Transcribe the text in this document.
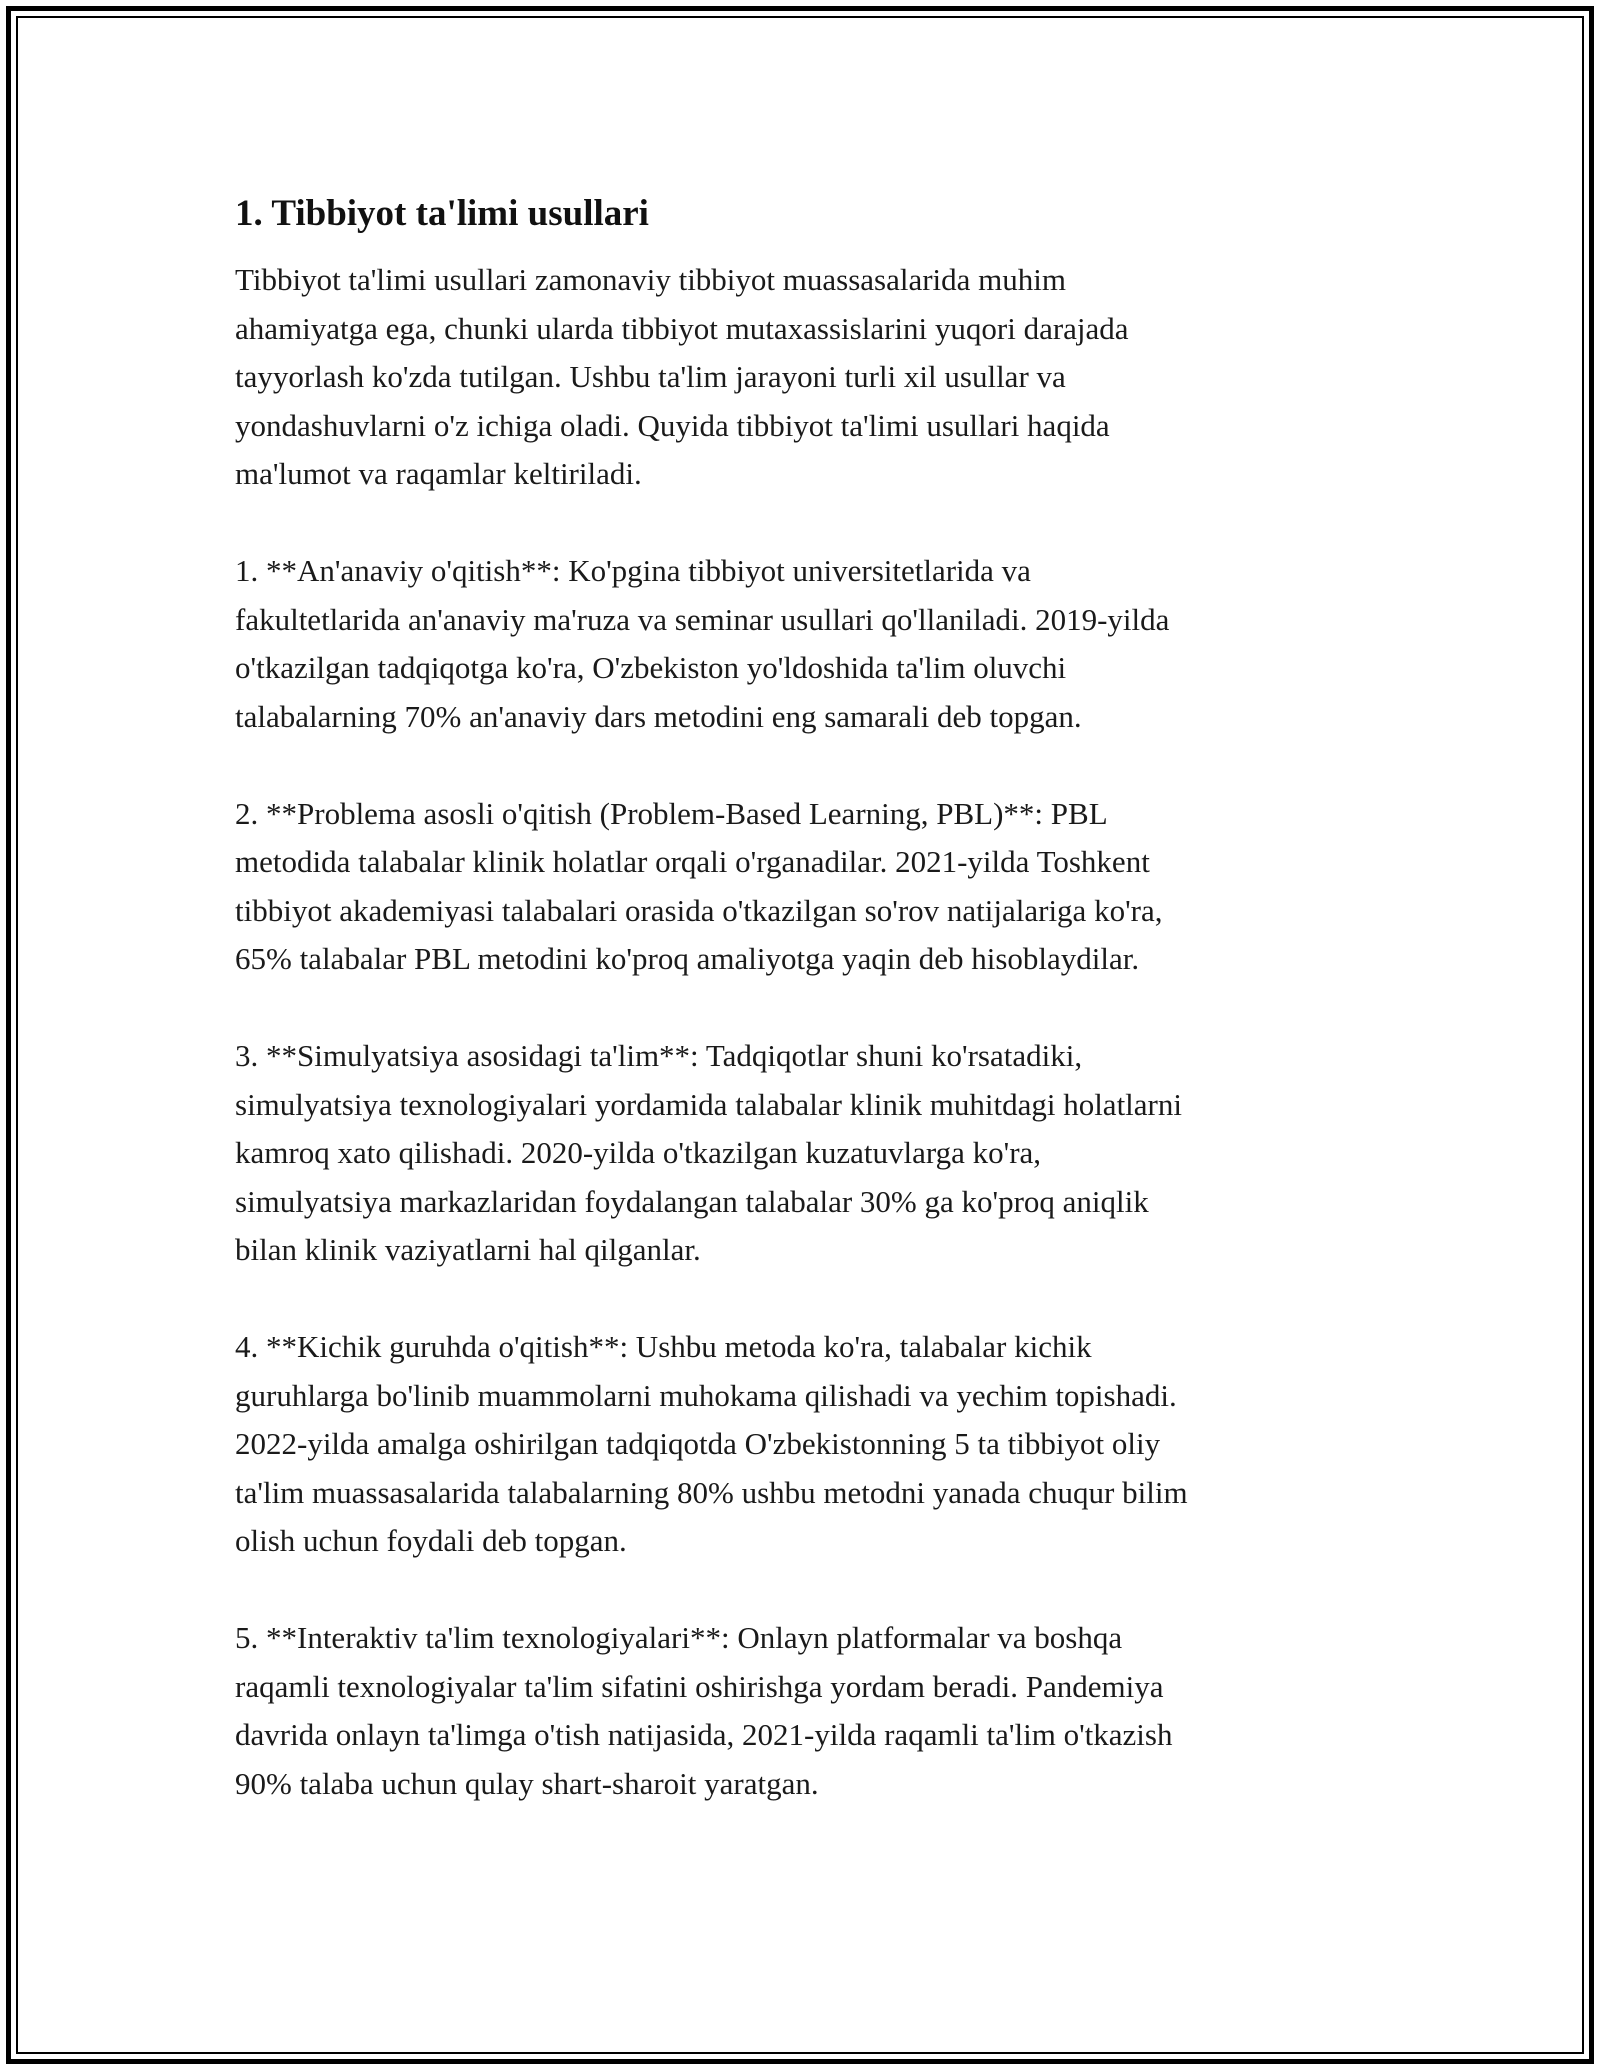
1. Tibbiyot ta'limi usullari

Tibbiyot ta'limi usullari zamonaviy tibbiyot muassasalarida muhim
ahamiyatga ega, chunki ularda tibbiyot mutaxassislarini yuqori darajada
tayyorlash ko'zda tutilgan. Ushbu ta'lim jarayoni turli xil usullar va
yondashuvlarni o'z ichiga oladi. Quyida tibbiyot ta'limi usullari haqida
ma'lumot va raqamlar keltiriladi.

1. **An'anaviy o'qitish**: Ko'pgina tibbiyot universitetlarida va
fakultetlarida an'anaviy ma'ruza va seminar usullari qo'llaniladi. 2019-yilda
o'tkazilgan tadqiqotga ko'ra, O'zbekiston yo'ldoshida ta'lim oluvchi
talabalarning 70% an'anaviy dars metodini eng samarali deb topgan.

2. **Problema asosli o'qitish (Problem-Based Learning, PBL)**: PBL
metodida talabalar klinik holatlar orqali o'rganadilar. 2021-yilda Toshkent
tibbiyot akademiyasi talabalari orasida o'tkazilgan so'rov natijalariga ko'ra,
65% talabalar PBL metodini ko'proq amaliyotga yaqin deb hisoblaydilar.

3. **Simulyatsiya asosidagi ta'lim**: Tadqiqotlar shuni ko'rsatadiki,
simulyatsiya texnologiyalari yordamida talabalar klinik muhitdagi holatlarni
kamroq xato qilishadi. 2020-yilda o'tkazilgan kuzatuvlarga ko'ra,
simulyatsiya markazlaridan foydalangan talabalar 30% ga ko'proq aniqlik
bilan klinik vaziyatlarni hal qilganlar.

4. **Kichik guruhda o'qitish**: Ushbu metoda ko'ra, talabalar kichik
guruhlarga bo'linib muammolarni muhokama qilishadi va yechim topishadi.
2022-yilda amalga oshirilgan tadqiqotda O'zbekistonning 5 ta tibbiyot oliy
ta'lim muassasalarida talabalarning 80% ushbu metodni yanada chuqur bilim
olish uchun foydali deb topgan.

5. **Interaktiv ta'lim texnologiyalari**: Onlayn platformalar va boshqa
raqamli texnologiyalar ta'lim sifatini oshirishga yordam beradi. Pandemiya
davrida onlayn ta'limga o'tish natijasida, 2021-yilda raqamli ta'lim o'tkazish
90% talaba uchun qulay shart-sharoit yaratgan.
